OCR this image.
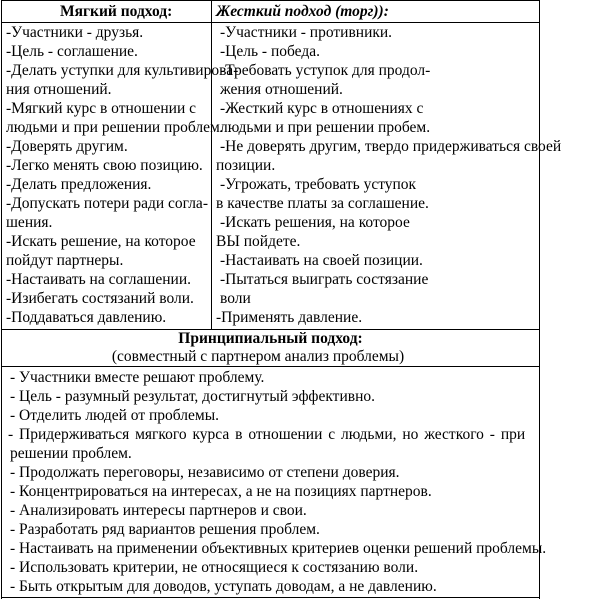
Мягкий подход:	Жесткий подход (торг)):
-Участники - друзья.
-Цель - соглашение.
-Делать уступки для культивирова-
ния отношений.
-Мягкий курс в отношении с
людьми и при решении проблем.
-Доверять другим.
-Легко менять свою позицию.
-Делать предложения.
-Допускать потери ради согла-
шения.
-Искать решение, на которое
пойдут партнеры.
-Настаивать на соглашении.
-Изибегать состязаний воли.
-Поддаваться давлению.
-Участники - противники.
-Цель - победа.
-Требовать уступок для продол-
жения отношений.
-Жесткий курс в отношениях с
людьми и при решении пробем.
-Не доверять другим, твердо придерживаться своей
позиции.
-Угрожать, требовать уступок
в качестве платы за соглашение.
-Искать решения, на которое
ВЫ пойдете.
-Настаивать на своей позиции.
-Пытаться выиграть состязание
воли
-Применять давление.
Принципиальный подход:
(совместный с партнером анализ проблемы)
- Участники вместе решают проблему.
- Цель - разумный результат, достигнутый эффективно.
- Отделить людей от проблемы.
- Придерживаться мягкого курса в отношении с людьми, но жесткого - при
решении проблем.
- Продолжать переговоры, независимо от степени доверия.
- Концентрироваться на интересах, а не на позициях партнеров.
- Анализировать интересы партнеров и свои.
- Разработать ряд вариантов решения проблем.
- Настаивать на применении объективных критериев оценки решений проблемы.
- Использовать критерии, не относящиеся к состязанию воли.
- Быть открытым для доводов, уступать доводам, а не давлению.
